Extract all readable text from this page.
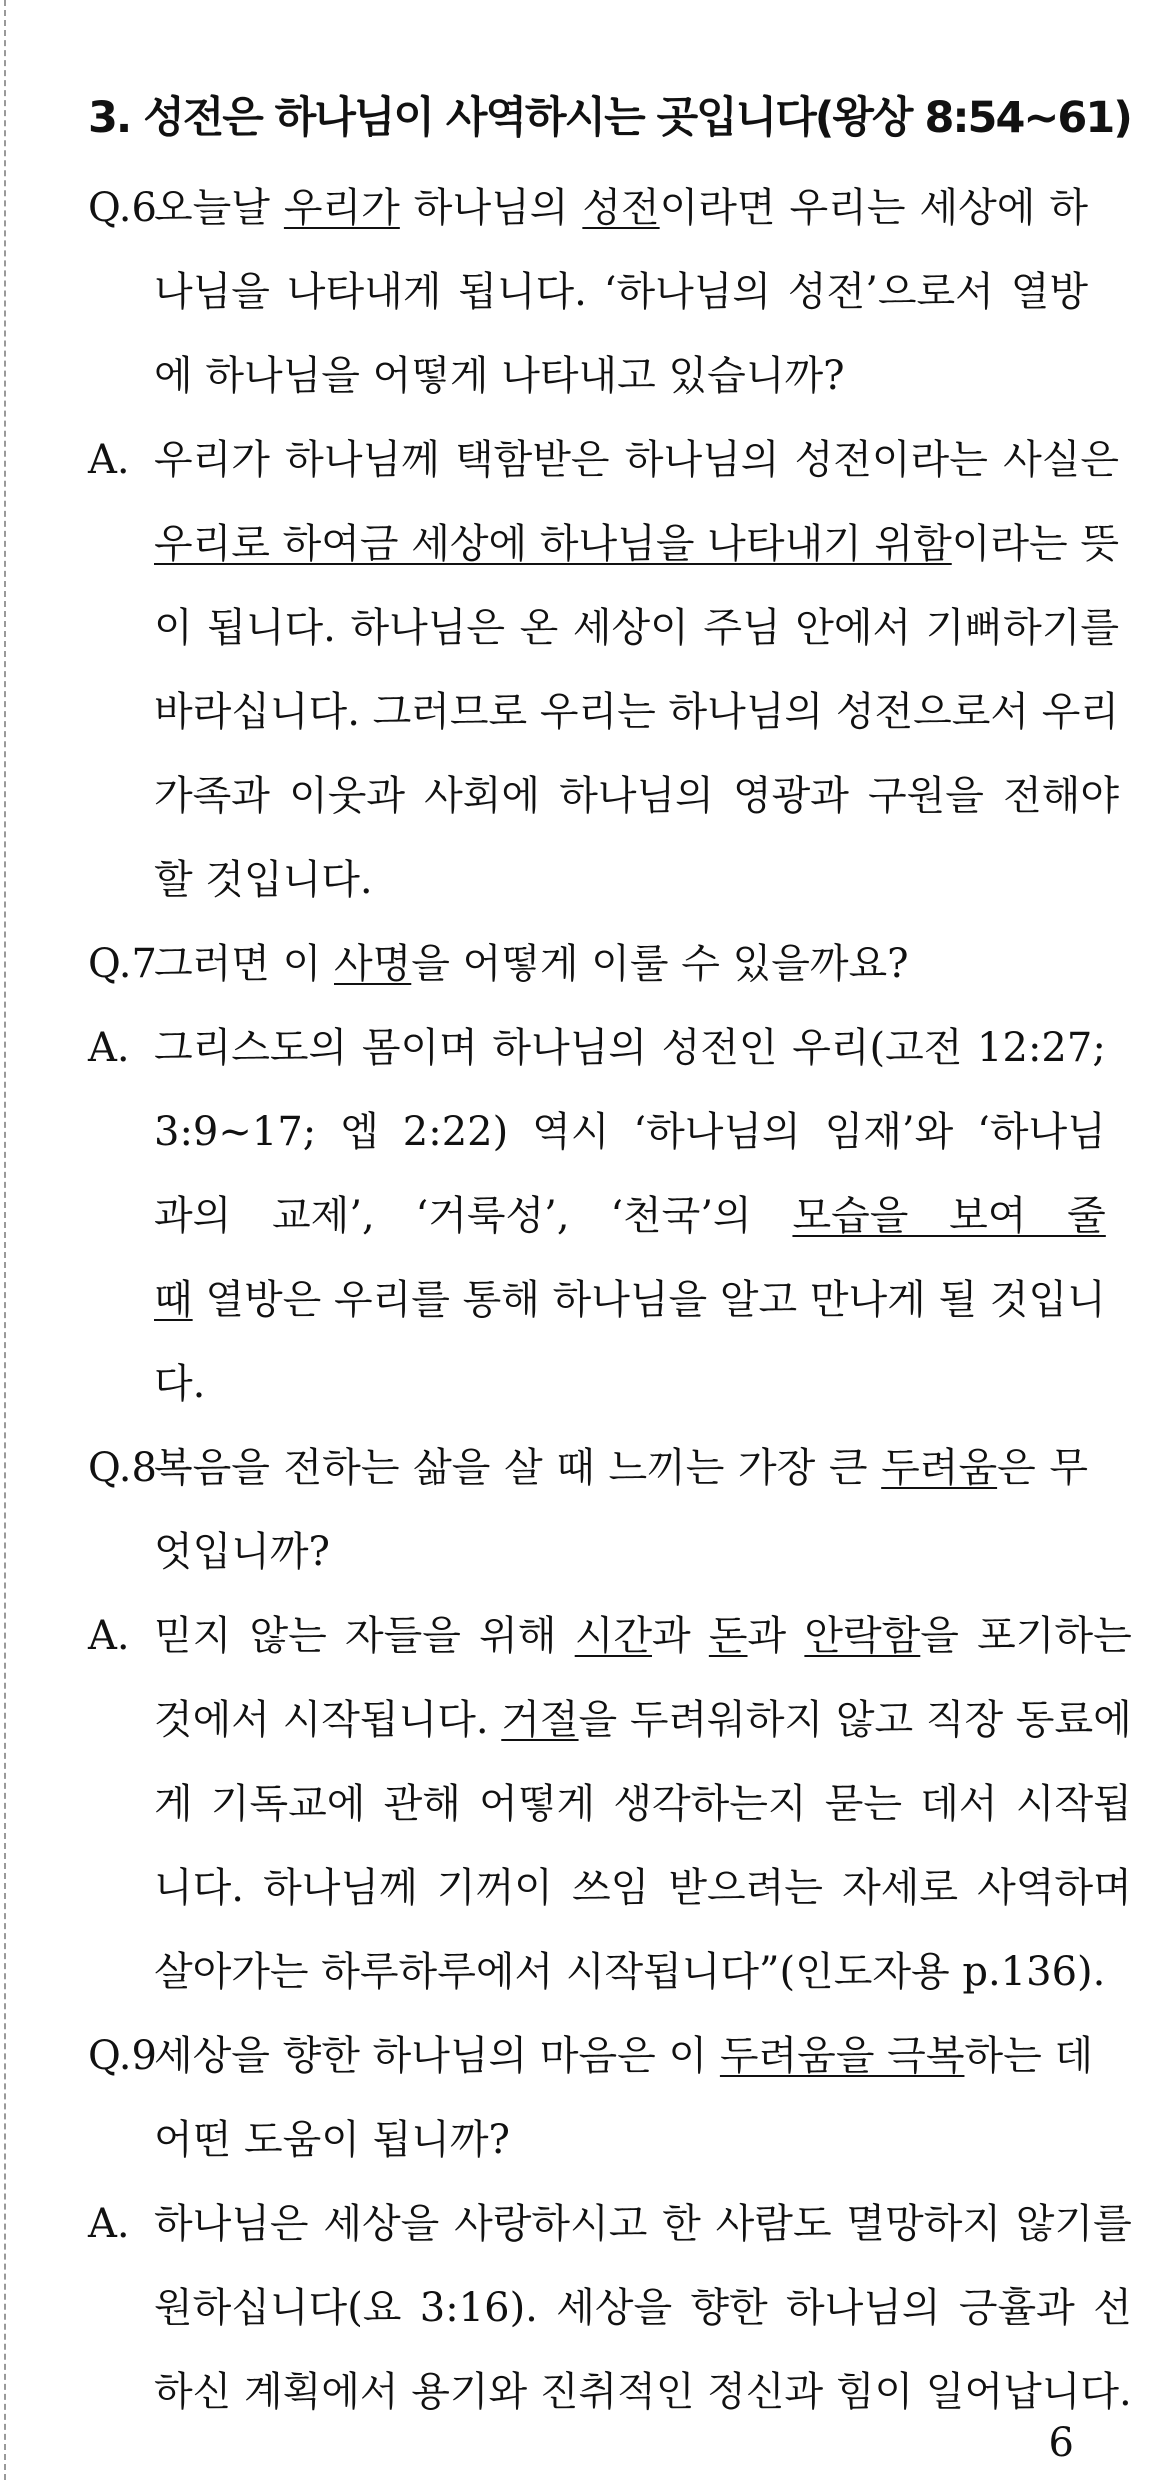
3. 성전은 하나님이 사역하시는 곳입니다(왕상 8:54~61)
Q.6
오늘날 우리가 하나님의 성전이라면 우리는 세상에 하
나님을 나타내게 됩니다. ‘하나님의 성전’으로서 열방
에 하나님을 어떻게 나타내고 있습니까?
A. 우리가 하나님께 택함받은 하나님의 성전이라는 사실은
우리로 하여금 세상에 하나님을 나타내기 위함이라는 뜻
이 됩니다. 하나님은 온 세상이 주님 안에서 기뻐하기를
바라십니다. 그러므로 우리는 하나님의 성전으로서 우리
가족과 이웃과 사회에 하나님의 영광과 구원을 전해야
할 것입니다.
Q.7
그러면 이 사명을 어떻게 이룰 수 있을까요?
A. 그리스도의 몸이며 하나님의 성전인 우리(고전 12:27;
3:9~17; 엡 2:22) 역시 ‘하나님의 임재’와 ‘하나님
과의 교제’, ‘거룩성’, ‘천국’의 모습을 보여 줄
때 열방은 우리를 통해 하나님을 알고 만나게 될 것입니
다.
Q.8
복음을 전하는 삶을 살 때 느끼는 가장 큰 두려움은 무
엇입니까?
A. 믿지 않는 자들을 위해 시간과 돈과 안락함을 포기하는
것에서 시작됩니다. 거절을 두려워하지 않고 직장 동료에
게 기독교에 관해 어떻게 생각하는지 묻는 데서 시작됩
니다. 하나님께 기꺼이 쓰임 받으려는 자세로 사역하며
살아가는 하루하루에서 시작됩니다”(인도자용 p.136).
Q.9
세상을 향한 하나님의 마음은 이 두려움을 극복하는 데
어떤 도움이 됩니까?
A. 하나님은 세상을 사랑하시고 한 사람도 멸망하지 않기를
원하십니다(요 3:16). 세상을 향한 하나님의 긍휼과 선
하신 계획에서 용기와 진취적인 정신과 힘이 일어납니다.
6
